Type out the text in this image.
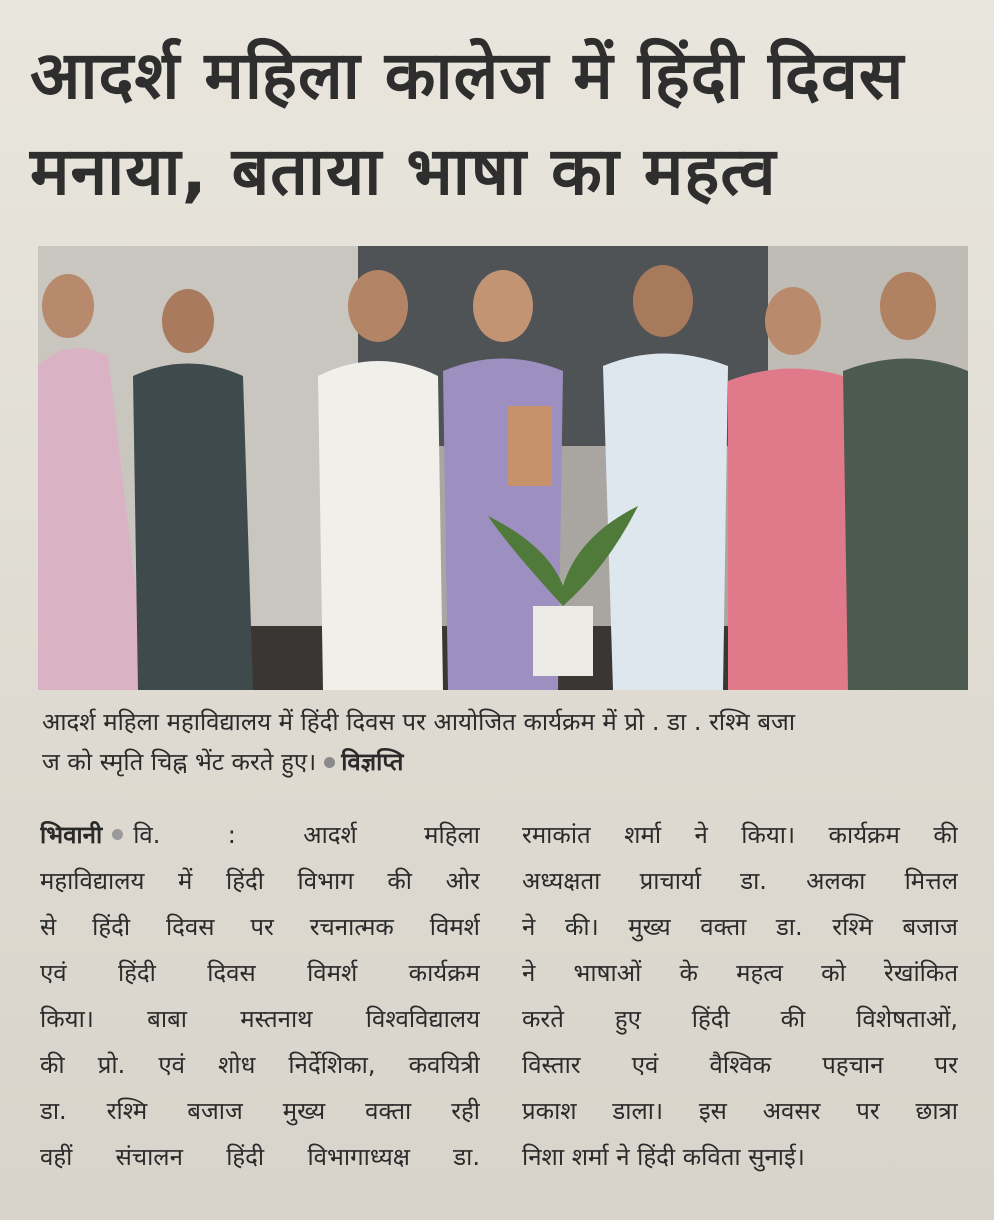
आदर्श महिला कालेज में हिंदी दिवस
मनाया, बताया भाषा का महत्व
आदर्श महिला महाविद्यालय में हिंदी दिवस पर आयोजित कार्यक्रम में प्रो . डा . रश्मि बजा
ज को स्मृति चिह्न भेंट करते हुए। विज्ञप्ति
भिवानी वि. :	आदर्श महिला
महाविद्यालय में हिंदी विभाग की ओर
से हिंदी दिवस पर रचनात्मक विमर्श
एवं हिंदी दिवस विमर्श कार्यक्रम
किया। बाबा मस्तनाथ विश्वविद्यालय
की प्रो. एवं शोध निर्देशिका, कवयित्री
डा. रश्मि बजाज मुख्य वक्ता रही
वहीं संचालन हिंदी विभागाध्यक्ष डा.
रमाकांत शर्मा ने किया। कार्यक्रम की
अध्यक्षता प्राचार्या डा. अलका मित्तल
ने की। मुख्य वक्ता डा. रश्मि बजाज
ने भाषाओं के महत्व को रेखांकित
करते हुए हिंदी की विशेषताओं,
विस्तार एवं वैश्विक पहचान पर
प्रकाश डाला। इस अवसर पर छात्रा
निशा शर्मा ने हिंदी कविता सुनाई।
